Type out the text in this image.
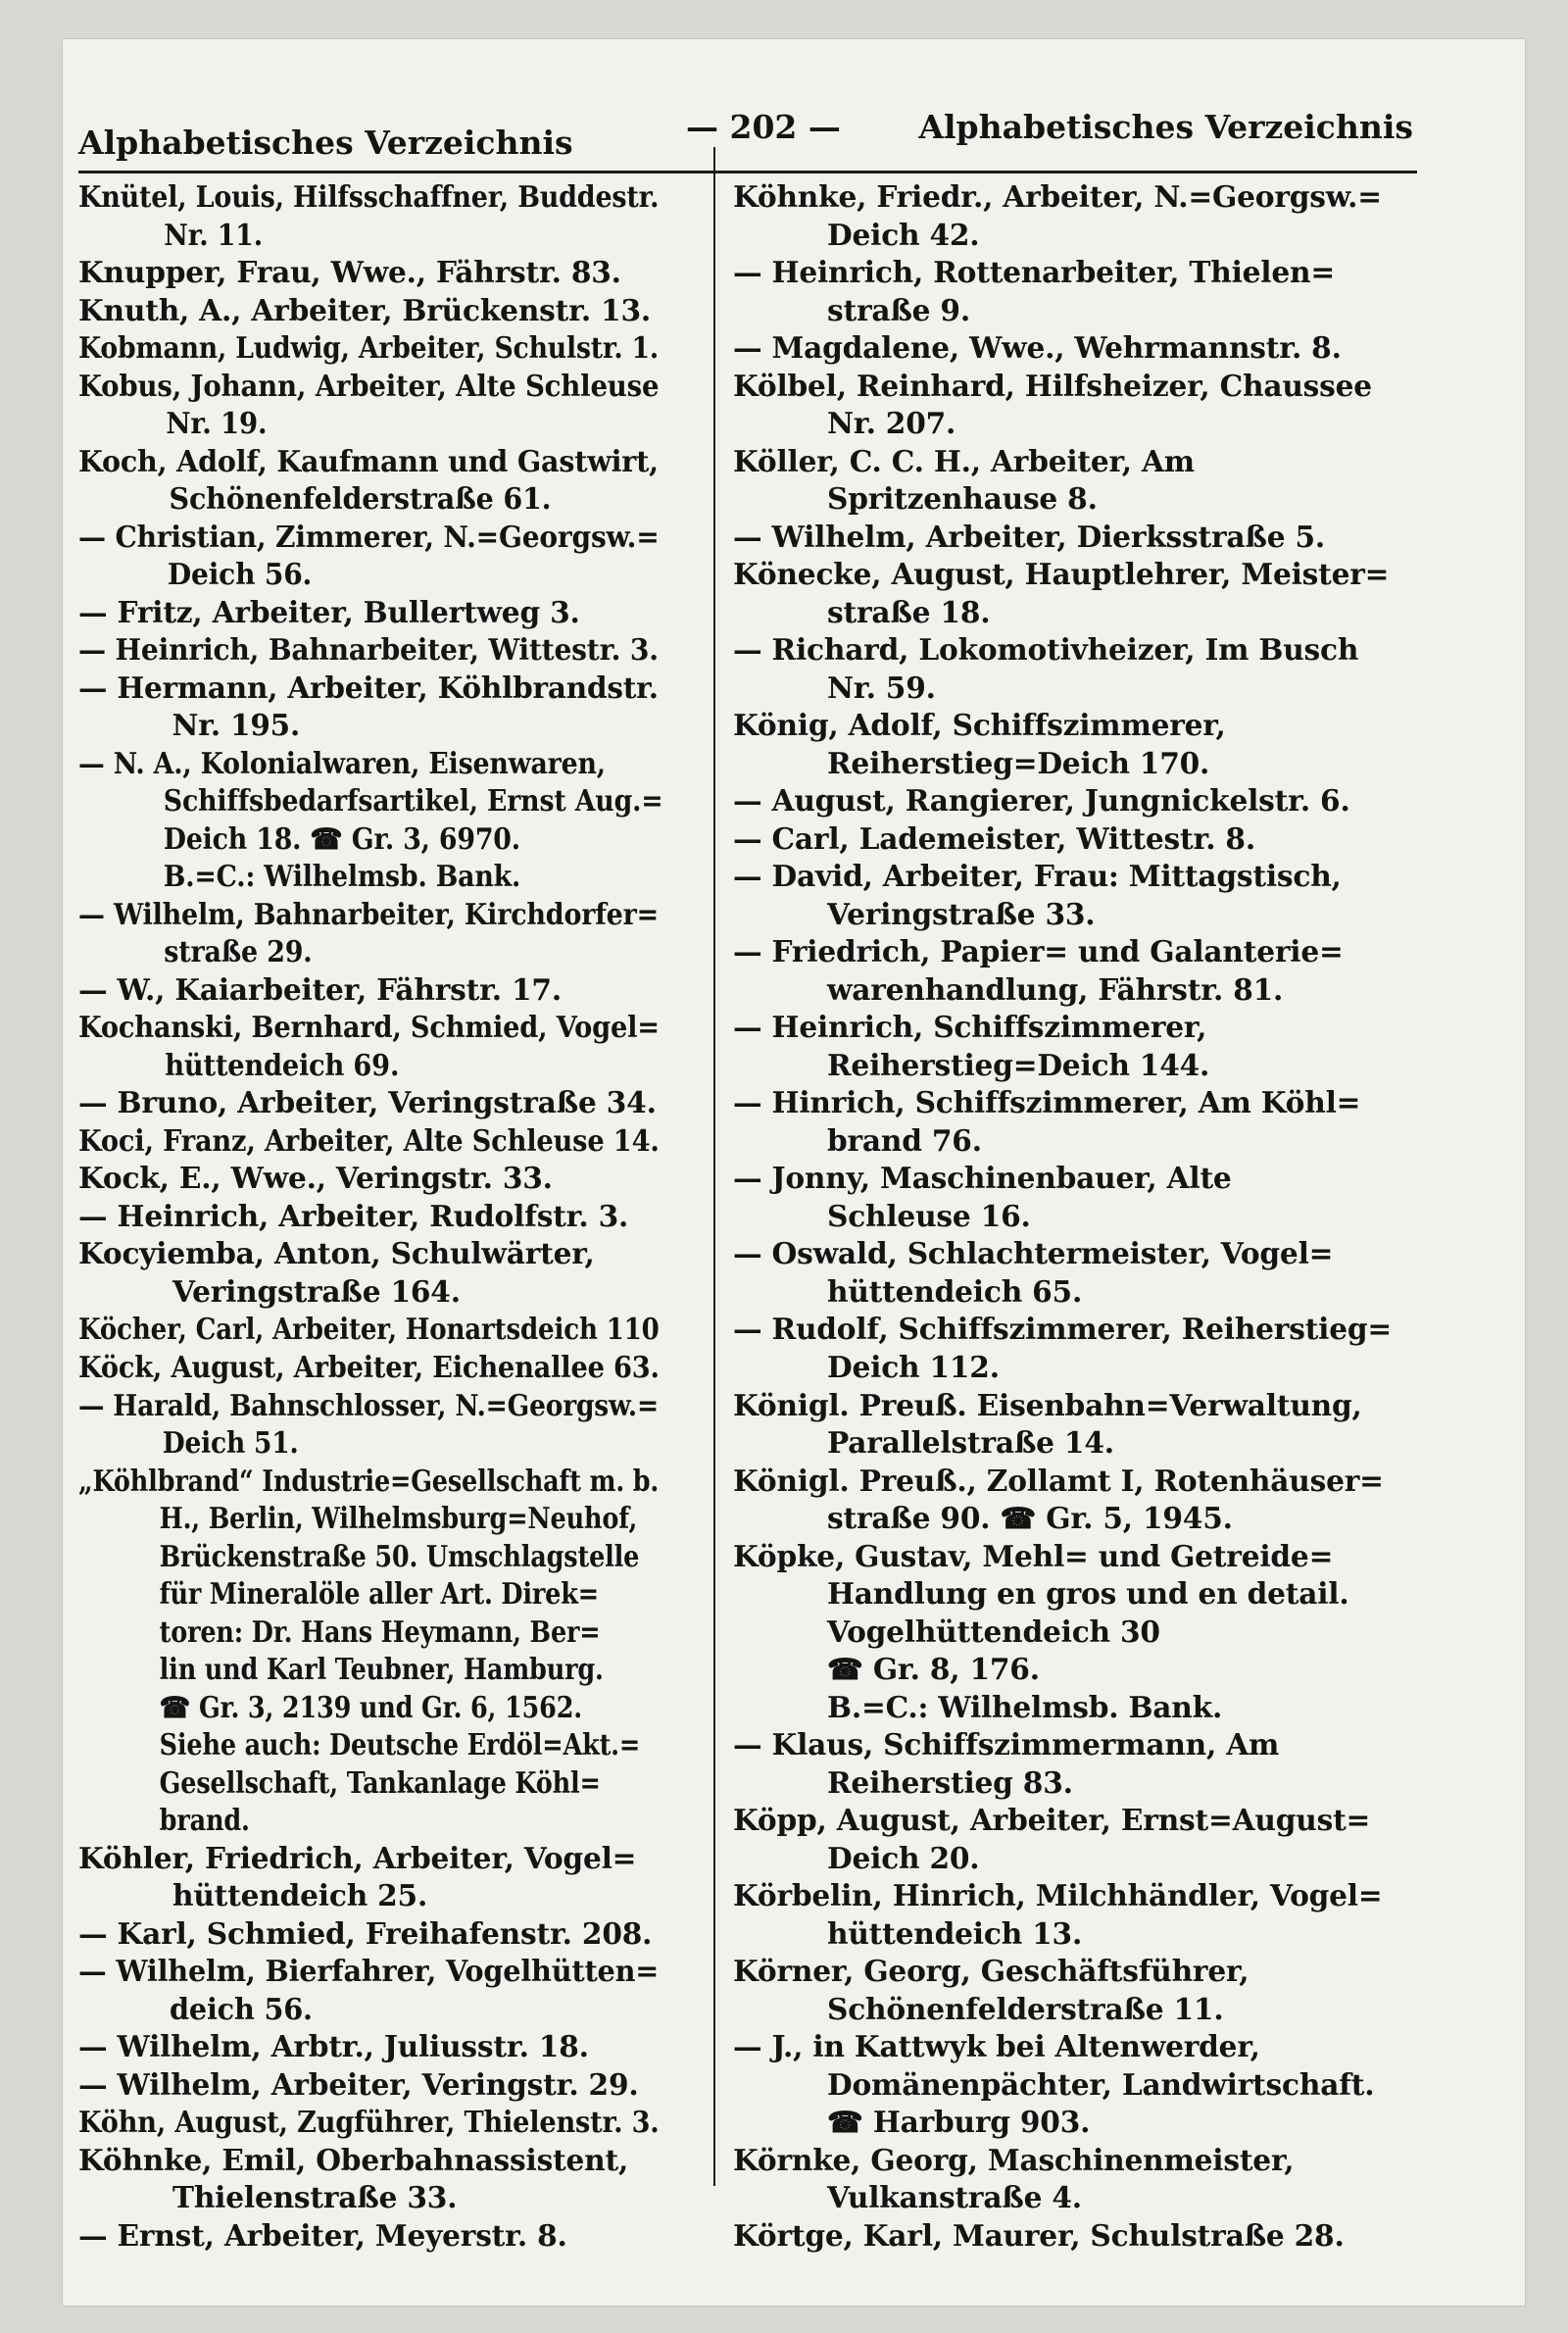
Alphabetisches Verzeichnis	— 202 — Alphabetisches Verzeichnis
Knütel, Louis, Hilfsschaffner, Buddestr.
Nr. 11.
Knupper, Frau, Wwe., Fährstr. 83.
Knuth, A., Arbeiter, Brückenstr. 13.
Kobmann, Ludwig, Arbeiter, Schulstr. 1.
Kobus, Johann, Arbeiter, Alte Schleuse
Nr. 19.
Koch, Adolf, Kaufmann und Gastwirt,
Schönenfelderstraße 61.
— Christian, Zimmerer, N.=Georgsw.=
Deich 56.
— Fritz, Arbeiter, Bullertweg 3.
— Heinrich, Bahnarbeiter, Wittestr. 3.
— Hermann, Arbeiter, Köhlbrandstr.
Nr. 195.
— N. A., Kolonialwaren, Eisenwaren,
Schiffsbedarfsartikel, Ernst Aug.=
Deich 18. ☎ Gr. 3, 6970.
B.=C.: Wilhelmsb. Bank.
— Wilhelm, Bahnarbeiter, Kirchdorfer=
straße 29.
— W., Kaiarbeiter, Fährstr. 17.
Kochanski, Bernhard, Schmied, Vogel=
hüttendeich 69.
— Bruno, Arbeiter, Veringstraße 34.
Koci, Franz, Arbeiter, Alte Schleuse 14.
Kock, E., Wwe., Veringstr. 33.
— Heinrich, Arbeiter, Rudolfstr. 3.
Kocyiemba, Anton, Schulwärter,
Veringstraße 164.
Köcher, Carl, Arbeiter, Honartsdeich 110
Köck, August, Arbeiter, Eichenallee 63.
— Harald, Bahnschlosser, N.=Georgsw.=
Deich 51.
„Köhlbrand“ Industrie=Gesellschaft m. b.
H., Berlin, Wilhelmsburg=Neuhof,
Brückenstraße 50. Umschlagstelle
für Mineralöle aller Art. Direk=
toren: Dr. Hans Heymann, Ber=
lin und Karl Teubner, Hamburg.
☎ Gr. 3, 2139 und Gr. 6, 1562.
Siehe auch: Deutsche Erdöl=Akt.=
Gesellschaft, Tankanlage Köhl=
brand.
Köhler, Friedrich, Arbeiter, Vogel=
hüttendeich 25.
— Karl, Schmied, Freihafenstr. 208.
— Wilhelm, Bierfahrer, Vogelhütten=
deich 56.
— Wilhelm, Arbtr., Juliusstr. 18.
— Wilhelm, Arbeiter, Veringstr. 29.
Köhn, August, Zugführer, Thielenstr. 3.
Köhnke, Emil, Oberbahnassistent,
Thielenstraße 33.
— Ernst, Arbeiter, Meyerstr. 8.
Köhnke, Friedr., Arbeiter, N.=Georgsw.=
Deich 42.
— Heinrich, Rottenarbeiter, Thielen=
straße 9.
— Magdalene, Wwe., Wehrmannstr. 8.
Kölbel, Reinhard, Hilfsheizer, Chaussee
Nr. 207.
Köller, C. C. H., Arbeiter, Am
Spritzenhause 8.
— Wilhelm, Arbeiter, Dierksstraße 5.
Könecke, August, Hauptlehrer, Meister=
straße 18.
— Richard, Lokomotivheizer, Im Busch
Nr. 59.
König, Adolf, Schiffszimmerer,
Reiherstieg=Deich 170.
— August, Rangierer, Jungnickelstr. 6.
— Carl, Lademeister, Wittestr. 8.
— David, Arbeiter, Frau: Mittagstisch,
Veringstraße 33.
— Friedrich, Papier= und Galanterie=
warenhandlung, Fährstr. 81.
— Heinrich, Schiffszimmerer,
Reiherstieg=Deich 144.
— Hinrich, Schiffszimmerer, Am Köhl=
brand 76.
— Jonny, Maschinenbauer, Alte
Schleuse 16.
— Oswald, Schlachtermeister, Vogel=
hüttendeich 65.
— Rudolf, Schiffszimmerer, Reiherstieg=
Deich 112.
Königl. Preuß. Eisenbahn=Verwaltung,
Parallelstraße 14.
Königl. Preuß., Zollamt I, Rotenhäuser=
straße 90. ☎ Gr. 5, 1945.
Köpke, Gustav, Mehl= und Getreide=
Handlung en gros und en detail.
Vogelhüttendeich 30
☎ Gr. 8, 176.
B.=C.: Wilhelmsb. Bank.
— Klaus, Schiffszimmermann, Am
Reiherstieg 83.
Köpp, August, Arbeiter, Ernst=August=
Deich 20.
Körbelin, Hinrich, Milchhändler, Vogel=
hüttendeich 13.
Körner, Georg, Geschäftsführer,
Schönenfelderstraße 11.
— J., in Kattwyk bei Altenwerder,
Domänenpächter, Landwirtschaft.
☎ Harburg 903.
Körnke, Georg, Maschinenmeister,
Vulkanstraße 4.
Körtge, Karl, Maurer, Schulstraße 28.
